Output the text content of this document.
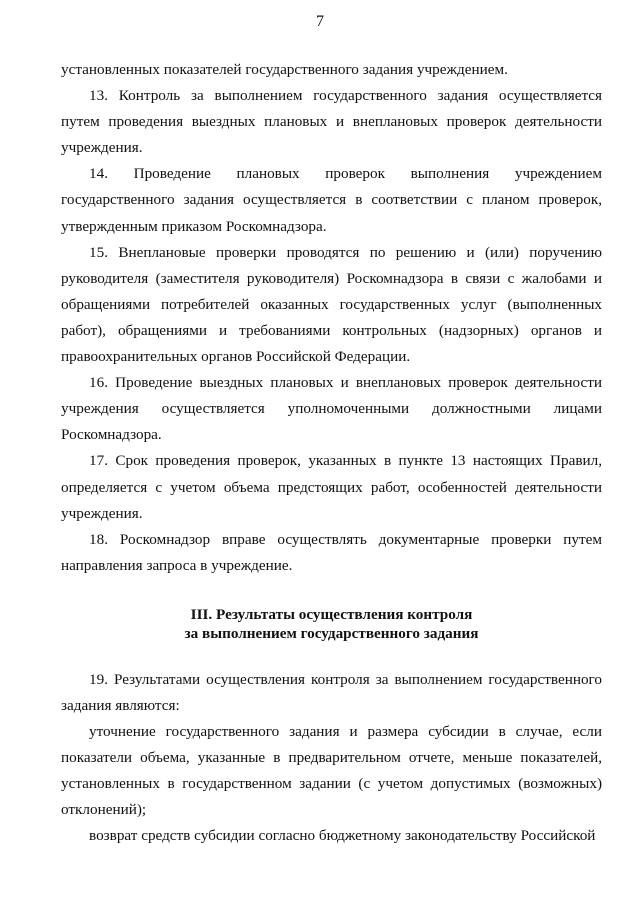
7

установленных показателей государственного задания учреждением.

13. Контроль за выполнением государственного задания осуществляется путем проведения выездных плановых и внеплановых проверок деятельности учреждения.

14. Проведение плановых проверок выполнения учреждением государственного задания осуществляется в соответствии с планом проверок, утвержденным приказом Роскомнадзора.

15. Внеплановые проверки проводятся по решению и (или) поручению руководителя (заместителя руководителя) Роскомнадзора в связи с жалобами и обращениями потребителей оказанных государственных услуг (выполненных работ), обращениями и требованиями контрольных (надзорных) органов и правоохранительных органов Российской Федерации.

16. Проведение выездных плановых и внеплановых проверок деятельности учреждения осуществляется уполномоченными должностными лицами Роскомнадзора.

17. Срок проведения проверок, указанных в пункте 13 настоящих Правил, определяется с учетом объема предстоящих работ, особенностей деятельности учреждения.

18. Роскомнадзор вправе осуществлять документарные проверки путем направления запроса в учреждение.

III. Результаты осуществления контроля
за выполнением государственного задания

19. Результатами осуществления контроля за выполнением государственного задания являются:

уточнение государственного задания и размера субсидии в случае, если показатели объема, указанные в предварительном отчете, меньше показателей, установленных в государственном задании (с учетом допустимых (возможных) отклонений);

возврат средств субсидии согласно бюджетному законодательству Российской
